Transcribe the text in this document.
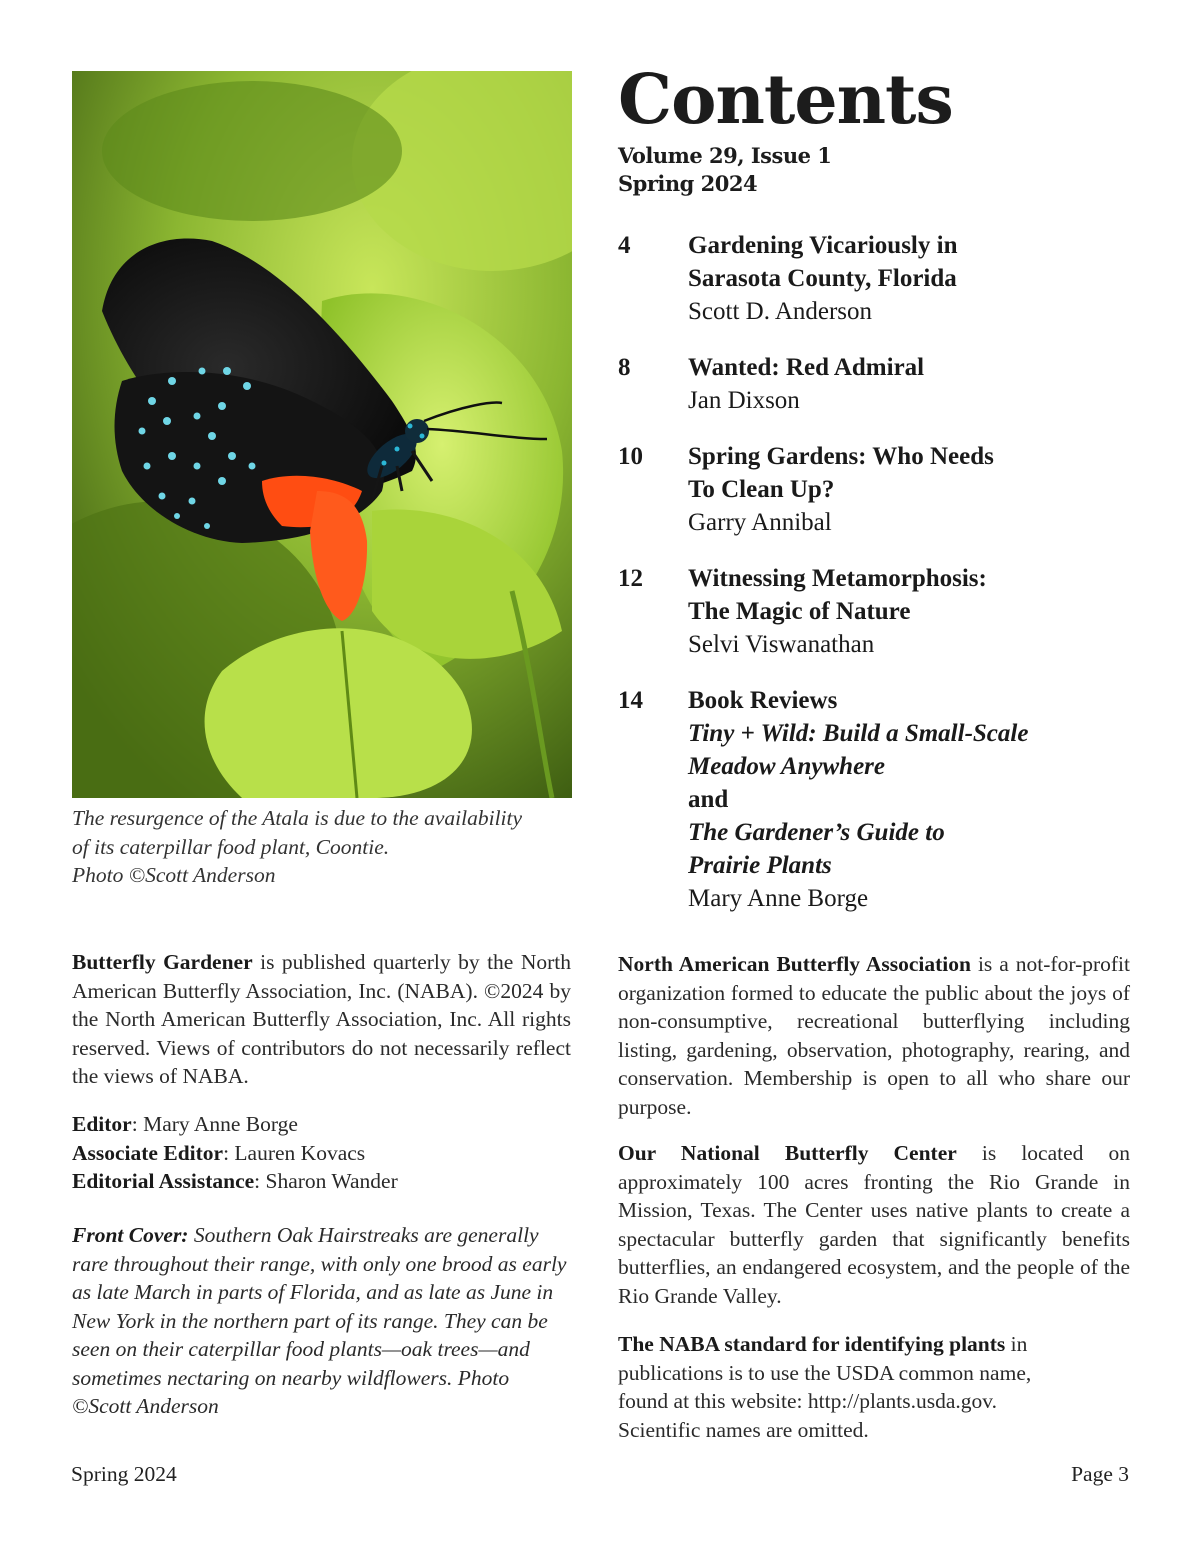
The resurgence of the Atala is due to the availability
of its caterpillar food plant, Coontie.
Photo ©Scott Anderson
Contents
Volume 29, Issue 1
Spring 2024
4 Gardening Vicariously in
Sarasota County, Florida
Scott D. Anderson
8 Wanted: Red Admiral
Jan Dixson
10 Spring Gardens: Who Needs
To Clean Up?
Garry Annibal
12 Witnessing Metamorphosis:
The Magic of Nature
Selvi Viswanathan
14 Book Reviews
Tiny + Wild: Build a Small-Scale
Meadow Anywhere
and
The Gardener’s Guide to
Prairie Plants
Mary Anne Borge
Butterfly Gardener is published quarterly by the North American Butterfly Association, Inc. (NABA). ©2024 by the North American Butterfly Association, Inc. All rights reserved. Views of contributors do not necessarily reflect the views of NABA.
Editor: Mary Anne Borge
Associate Editor: Lauren Kovacs
Editorial Assistance: Sharon Wander
Front Cover: Southern Oak Hairstreaks are generally rare throughout their range, with only one brood as early as late March in parts of Florida, and as late as June in New York in the northern part of its range. They can be seen on their caterpillar food plants—oak trees—and sometimes nectaring on nearby wildflowers. Photo ©Scott Anderson
North American Butterfly Association is a not-for-profit organization formed to educate the public about the joys of non-consumptive, recreational butterflying including listing, gardening, observation, photography, rearing, and conservation. Membership is open to all who share our purpose.
Our National Butterfly Center is located on approximately 100 acres fronting the Rio Grande in Mission, Texas. The Center uses native plants to create a spectacular butterfly garden that significantly benefits butterflies, an endangered ecosystem, and the people of the Rio Grande Valley.
The NABA standard for identifying plants in
publications is to use the USDA common name,
found at this website: http://plants.usda.gov.
Scientific names are omitted.
Spring 2024	Page 3
